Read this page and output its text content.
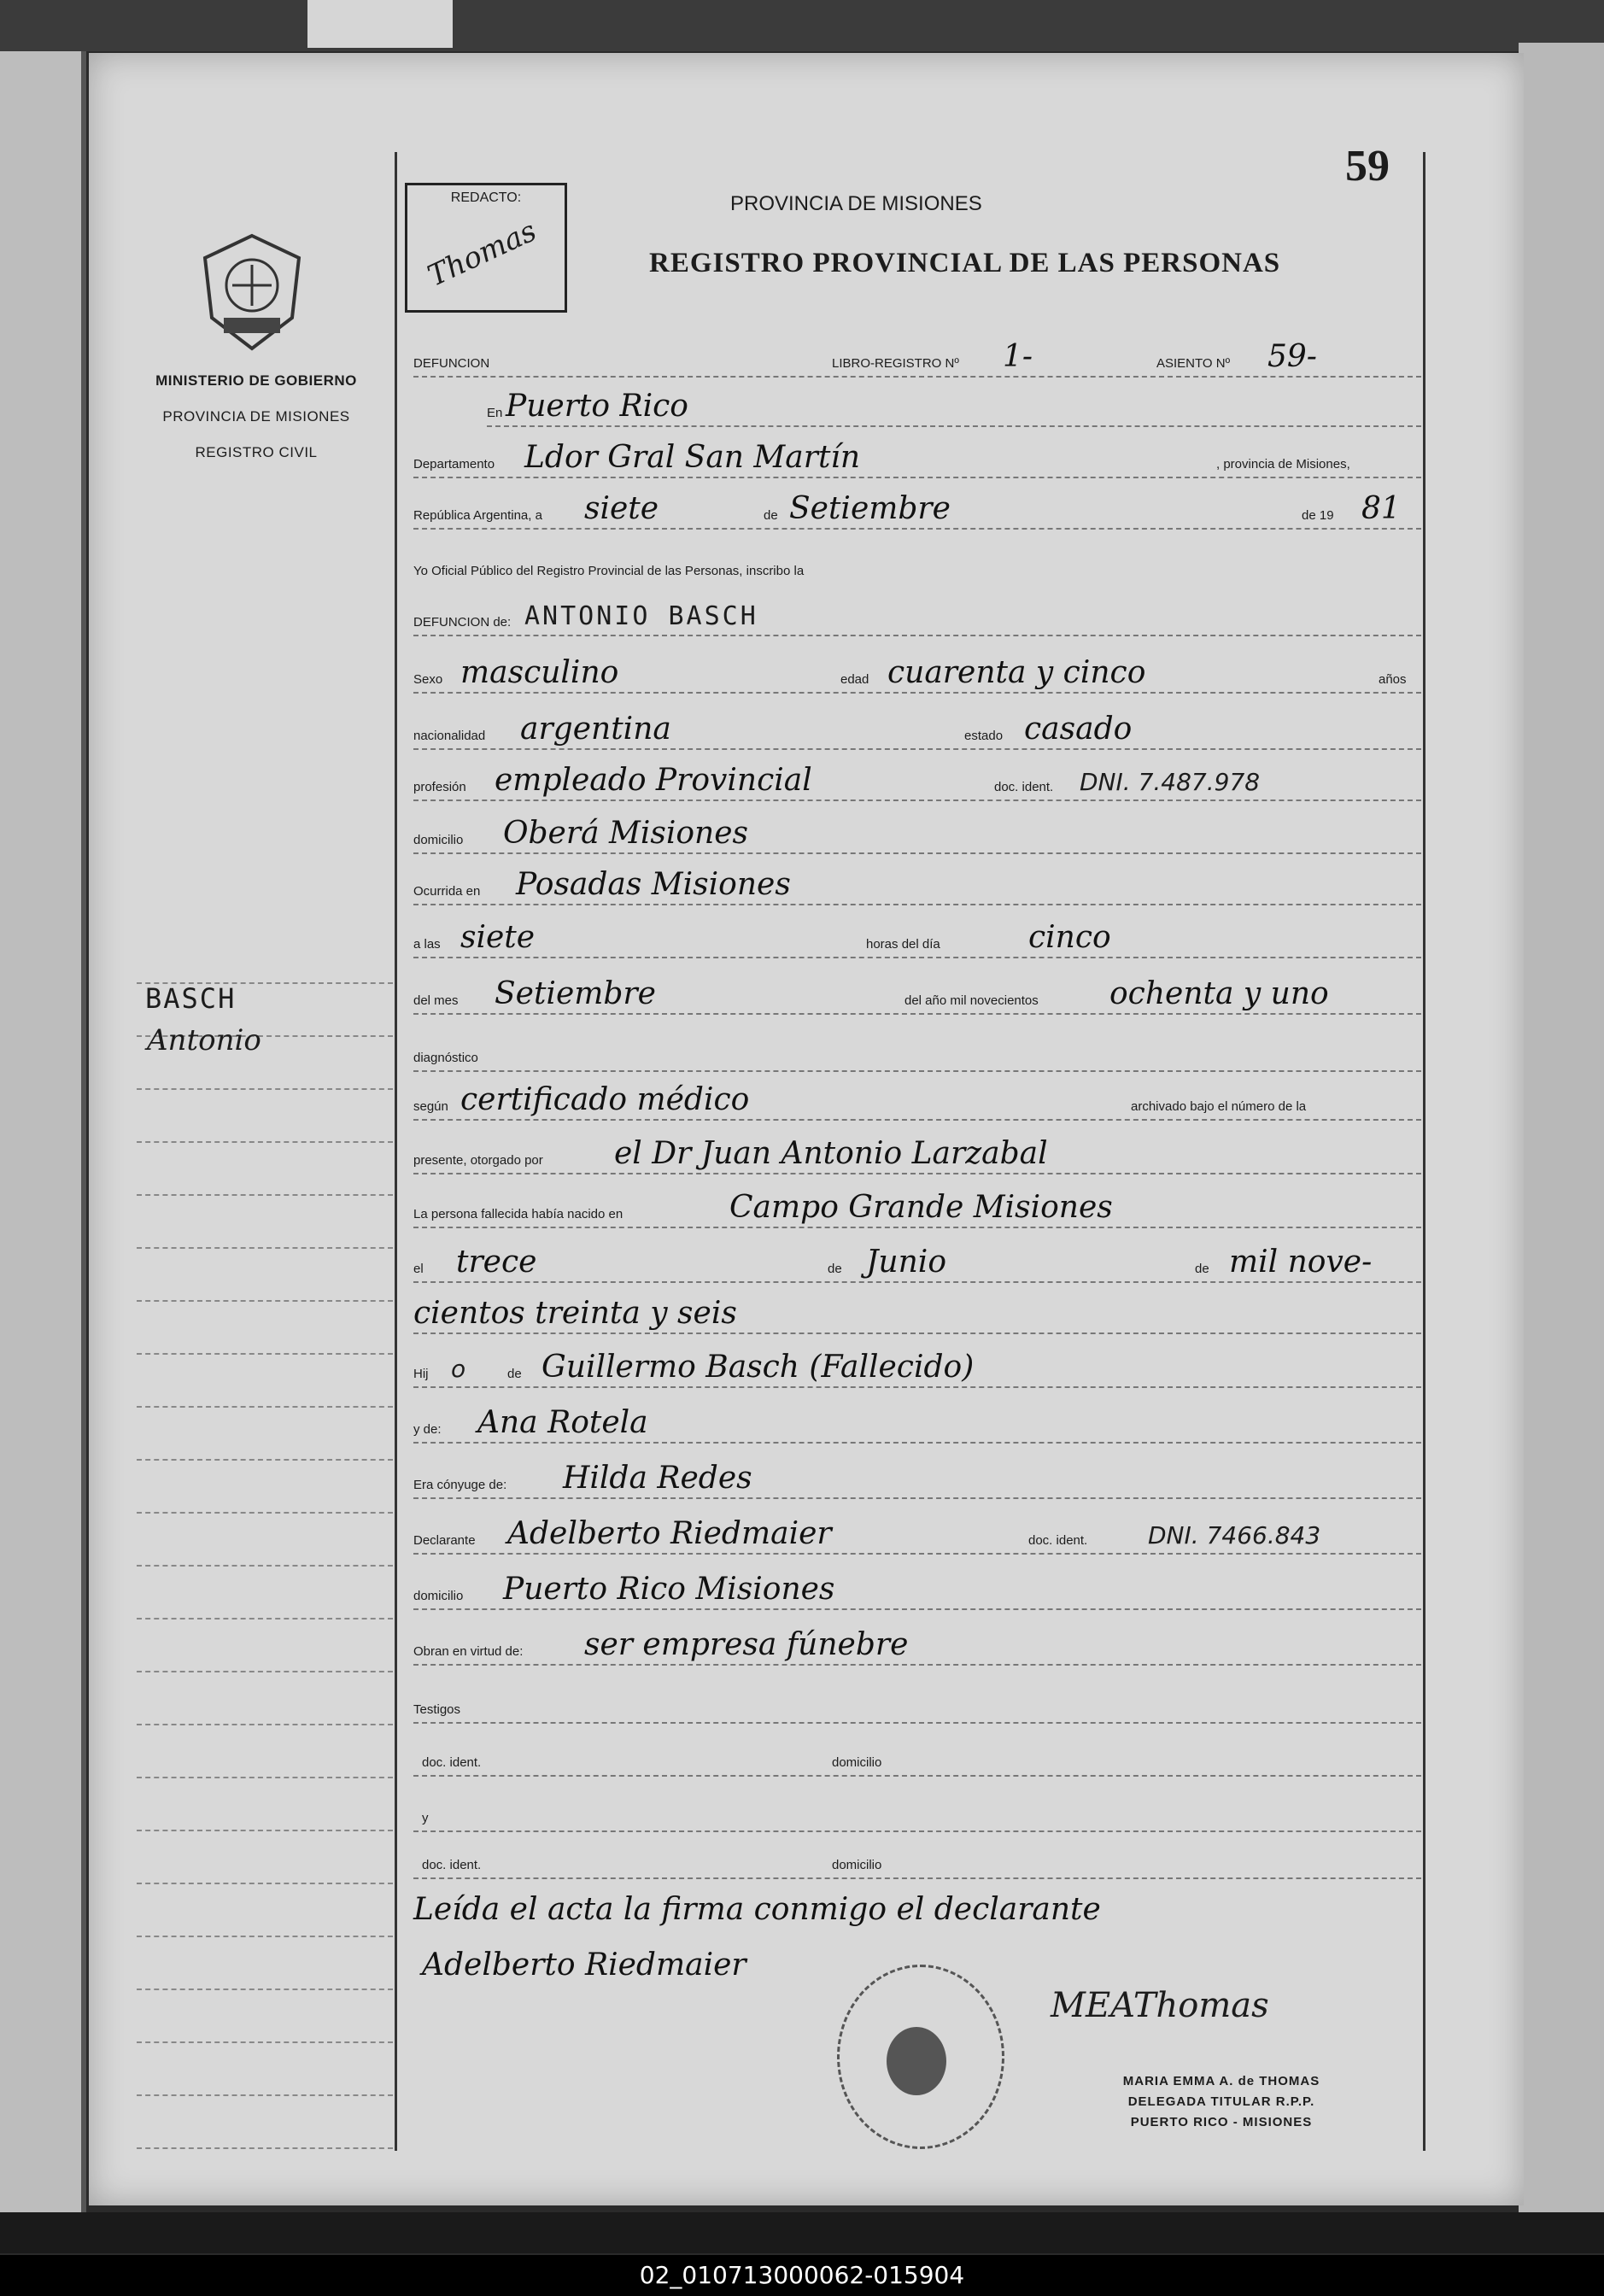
MINISTERIO DE GOBIERNO
PROVINCIA DE MISIONES
REGISTRO CIVIL
BASCH
Antonio
59
REDACTO:
Thomas
PROVINCIA DE MISIONES
REGISTRO PROVINCIAL DE LAS PERSONAS
DEFUNCION	LIBRO-REGISTRO Nº 1-	ASIENTO Nº 59-
En Puerto Rico
Departamento Ldor Gral San Martín	, provincia de Misiones,
República Argentina, a siete	de Setiembre	de 19 81
Yo Oficial Público del Registro Provincial de las Personas, inscribo la
DEFUNCION de: ANTONIO BASCH
Sexo masculino	edad cuarenta y cinco	años
nacionalidad argentina	estado casado
profesión empleado Provincial	doc. ident. DNI. 7.487.978
domicilio Oberá Misiones
Ocurrida en Posadas Misiones
a las siete	horas del día	cinco
del mes Setiembre	del año mil novecientos ochenta y uno
diagnóstico
según certificado médico	archivado bajo el número de la
presente, otorgado por el Dr Juan Antonio Larzabal
La persona fallecida había nacido en	Campo Grande Misiones
el trece	de Junio	de mil nove-
cientos treinta y seis
Hij o	de Guillermo Basch (Fallecido)
y de: Ana Rotela
Era cónyuge de: Hilda Redes
Declarante Adelberto Riedmaier	doc. ident.	DNI. 7466.843
domicilio Puerto Rico Misiones
Obran en virtud de: ser empresa fúnebre
Testigos
doc. ident.	domicilio
y
doc. ident.	domicilio
Leída el acta la firma conmigo el declarante
Adelberto Riedmaier
MEAThomas
MARIA EMMA A. de THOMAS
DELEGADA TITULAR R.P.P.
PUERTO RICO - MISIONES
02_010713000062-015904
